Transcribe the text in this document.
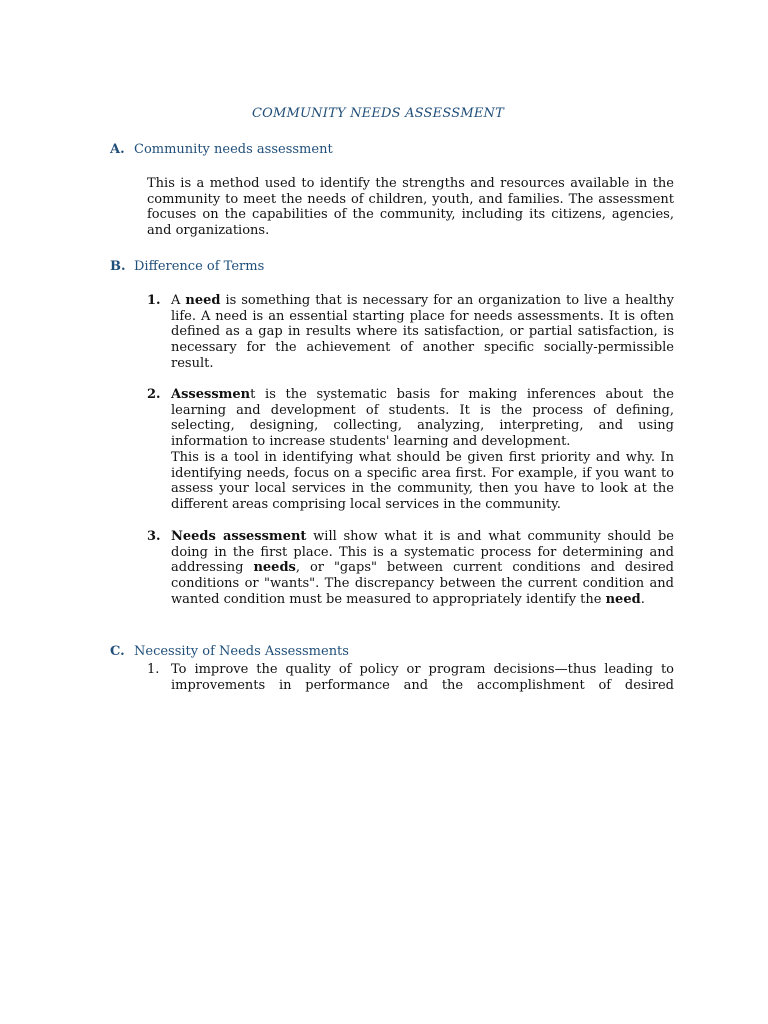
COMMUNITY NEEDS ASSESSMENT
A. Community needs assessment
This is a method used to identify the strengths and resources available in the community to meet the needs of children, youth, and families. The assessment focuses on the capabilities of the community, including its citizens, agencies, and organizations.
B. Difference of Terms
1. A need is something that is necessary for an organization to live a healthy life. A need is an essential starting place for needs assessments. It is often defined as a gap in results where its satisfaction, or partial satisfaction, is necessary for the achievement of another specific socially-permissible result.
2. Assessment is the systematic basis for making inferences about the learning and development of students. It is the process of defining, selecting, designing, collecting, analyzing, interpreting, and using information to increase students' learning and development.

This is a tool in identifying what should be given first priority and why. In identifying needs, focus on a specific area first. For example, if you want to assess your local services in the community, then you have to look at the different areas comprising local services in the community.

3. Needs assessment will show what it is and what community should be doing in the first place. This is a systematic process for determining and addressing needs, or "gaps" between current conditions and desired conditions or "wants". The discrepancy between the current condition and wanted condition must be measured to appropriately identify the need.
C. Necessity of Needs Assessments
1. To improve the quality of policy or program decisions—thus leading to improvements in performance and the accomplishment of desired
